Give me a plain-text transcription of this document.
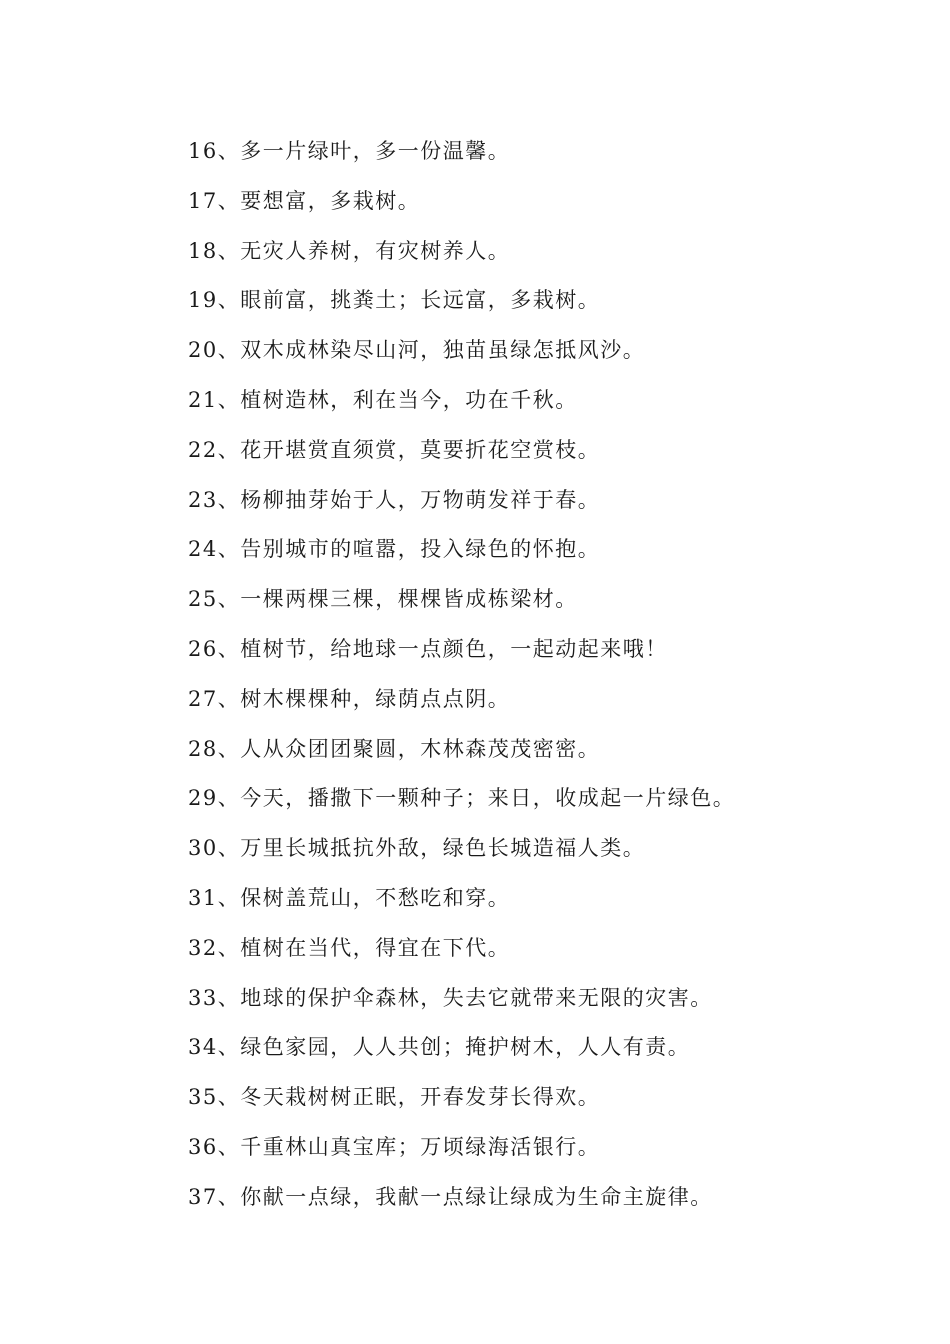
16、多一片绿叶，多一份温馨。
17、要想富，多栽树。
18、无灾人养树，有灾树养人。
19、眼前富，挑粪土；长远富，多栽树。
20、双木成林染尽山河，独苗虽绿怎抵风沙。
21、植树造林，利在当今，功在千秋。
22、花开堪赏直须赏，莫要折花空赏枝。
23、杨柳抽芽始于人，万物萌发祥于春。
24、告别城市的喧嚣，投入绿色的怀抱。
25、一棵两棵三棵，棵棵皆成栋梁材。
26、植树节，给地球一点颜色，一起动起来哦！
27、树木棵棵种，绿荫点点阴。
28、人从众团团聚圆，木林森茂茂密密。
29、今天，播撒下一颗种子；来日，收成起一片绿色。
30、万里长城抵抗外敌，绿色长城造福人类。
31、保树盖荒山，不愁吃和穿。
32、植树在当代，得宜在下代。
33、地球的保护伞森林，失去它就带来无限的灾害。
34、绿色家园，人人共创；掩护树木，人人有责。
35、冬天栽树树正眠，开春发芽长得欢。
36、千重林山真宝库；万顷绿海活银行。
37、你献一点绿，我献一点绿让绿成为生命主旋律。
